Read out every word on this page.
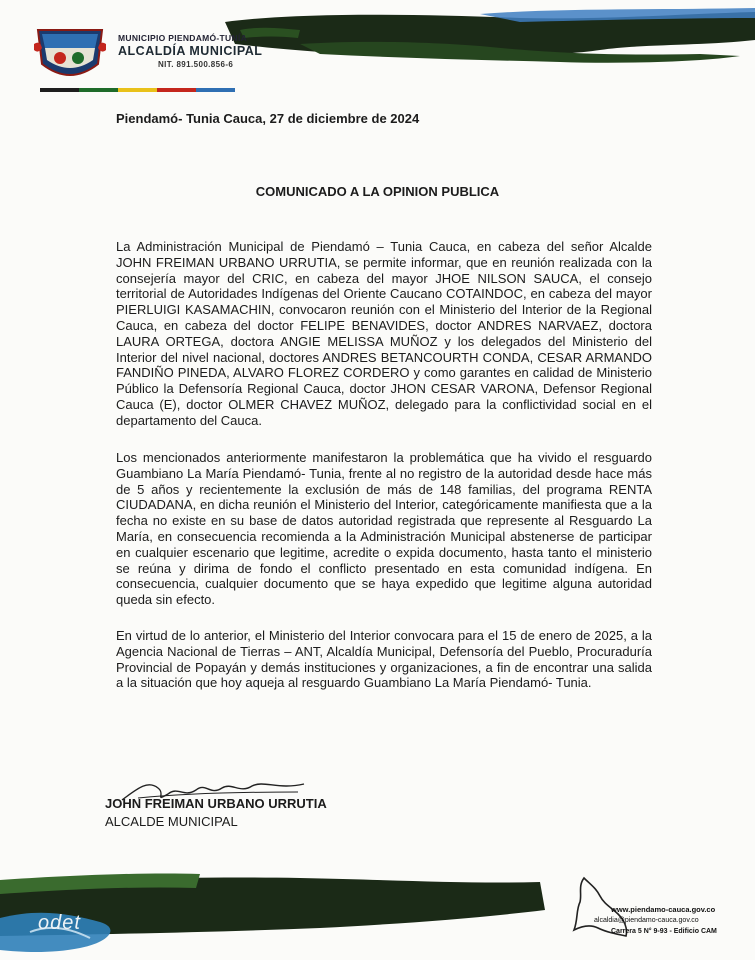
MUNICIPIO PIENDAMÓ-TUNÍA
ALCALDÍA MUNICIPAL
NIT. 891.500.856-6
Piendamó- Tunia Cauca, 27 de diciembre de 2024
COMUNICADO A LA OPINION PUBLICA
La Administración Municipal de Piendamó – Tunia Cauca, en cabeza del señor Alcalde JOHN FREIMAN URBANO URRUTIA, se permite informar, que en reunión realizada con la consejería mayor del CRIC, en cabeza del mayor JHOE NILSON SAUCA, el consejo territorial de Autoridades Indígenas del Oriente Caucano COTAINDOC, en cabeza del mayor PIERLUIGI KASAMACHIN, convocaron reunión con el Ministerio del Interior de la Regional Cauca, en cabeza del doctor FELIPE BENAVIDES, doctor ANDRES NARVAEZ, doctora LAURA ORTEGA, doctora ANGIE MELISSA MUÑOZ y los delegados del Ministerio del Interior del nivel nacional, doctores ANDRES BETANCOURTH CONDA, CESAR ARMANDO FANDIÑO PINEDA, ALVARO FLOREZ CORDERO y como garantes en calidad de Ministerio Público la Defensoría Regional Cauca, doctor JHON CESAR VARONA, Defensor Regional Cauca (E), doctor OLMER CHAVEZ MUÑOZ, delegado para la conflictividad social en el departamento del Cauca.
Los mencionados anteriormente manifestaron la problemática que ha vivido el resguardo Guambiano La María Piendamó- Tunia, frente al no registro de la autoridad desde hace más de 5 años y recientemente la exclusión de más de 148 familias, del programa RENTA CIUDADANA, en dicha reunión el Ministerio del Interior, categóricamente manifiesta que a la fecha no existe en su base de datos autoridad registrada que represente al Resguardo La María, en consecuencia recomienda a la Administración Municipal abstenerse de participar en cualquier escenario que legitime, acredite o expida documento, hasta tanto el ministerio se reúna y dirima de fondo el conflicto presentado en esta comunidad indígena. En consecuencia, cualquier documento que se haya expedido que legitime alguna autoridad queda sin efecto.
En virtud de lo anterior, el Ministerio del Interior convocara para el 15 de enero de 2025, a la Agencia Nacional de Tierras – ANT, Alcaldía Municipal, Defensoría del Pueblo, Procuraduría Provincial de Popayán y demás instituciones y organizaciones, a fin de encontrar una salida a la situación que hoy aqueja al resguardo Guambiano La María Piendamó- Tunia.
JOHN FREIMAN URBANO URRUTIA
ALCALDE MUNICIPAL
odet
www.piendamo-cauca.gov.co
alcaldia@piendamo-cauca.gov.co
Carrera 5 N° 9-93 - Edificio CAM
